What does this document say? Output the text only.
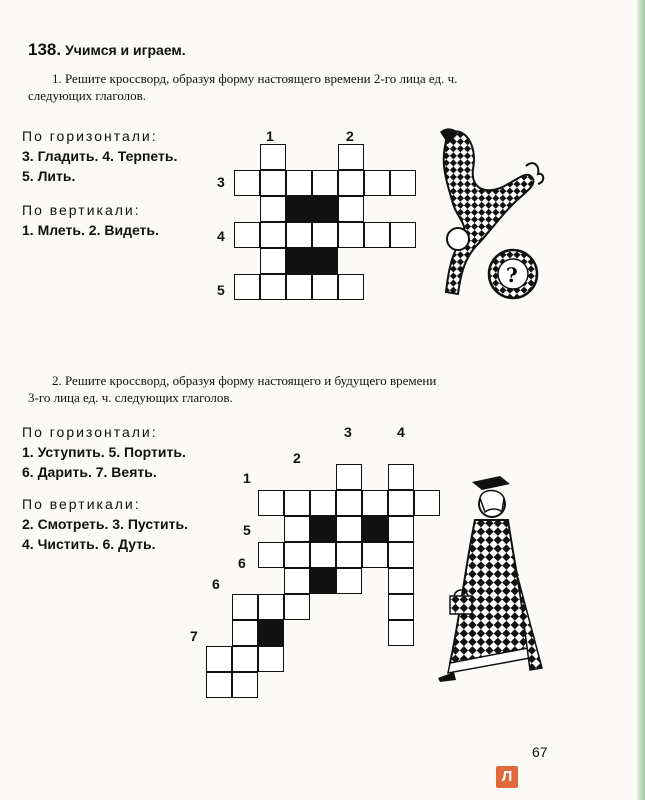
138. Учимся и играем.
1. Решите кроссворд, образуя форму настоящего времени 2-го лица ед. ч.
следующих глаголов.
По горизонтали:
3. Гладить. 4. Терпеть.
5. Лить.
По вертикали:
1. Млеть. 2. Видеть.
1	2
3
4
5
?
2. Решите кроссворд, образуя форму настоящего и будущего времени
3-го лица ед. ч. следующих глаголов.
По горизонтали:
1. Уступить. 5. Портить.
6. Дарить. 7. Веять.
По вертикали:
2. Смотреть. 3. Пустить.
4. Чистить. 6. Дуть.
1
2
3	4
5
6
6
7
67
Л
